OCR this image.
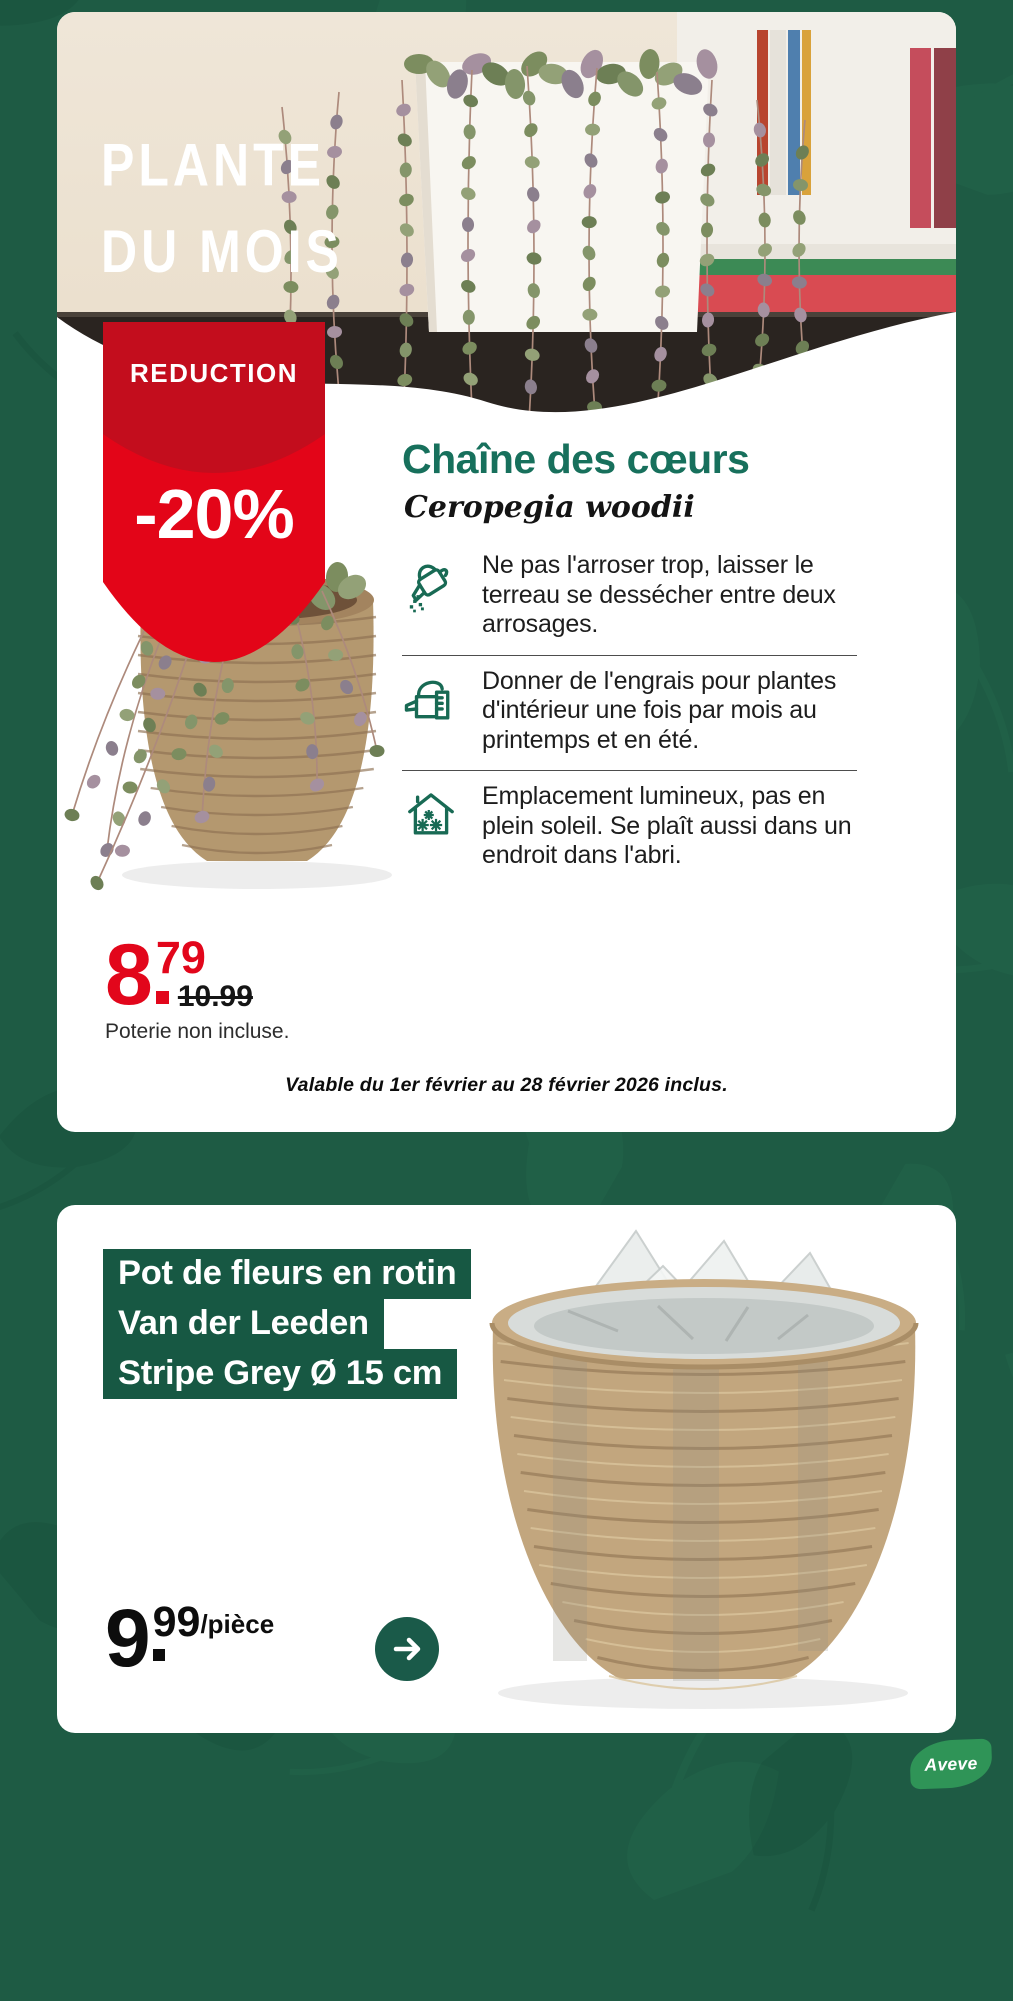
PLANTE
DU MOIS
REDUCTION
-20%
Chaîne des cœurs
Ceropegia woodii
Ne pas l'arroser trop, laisser le terreau se dessécher entre deux arrosages.
Donner de l'engrais pour plantes d'intérieur une fois par mois au printemps et en été.
Emplacement lumineux, pas en plein soleil. Se plaît aussi dans un endroit dans l'abri.
8 79
10.99
Poterie non incluse.
Valable du 1er février au 28 février 2026 inclus.
Pot de fleurs en rotin
Van der Leeden
Stripe Grey Ø 15 cm
9 99 /pièce
Aveve
